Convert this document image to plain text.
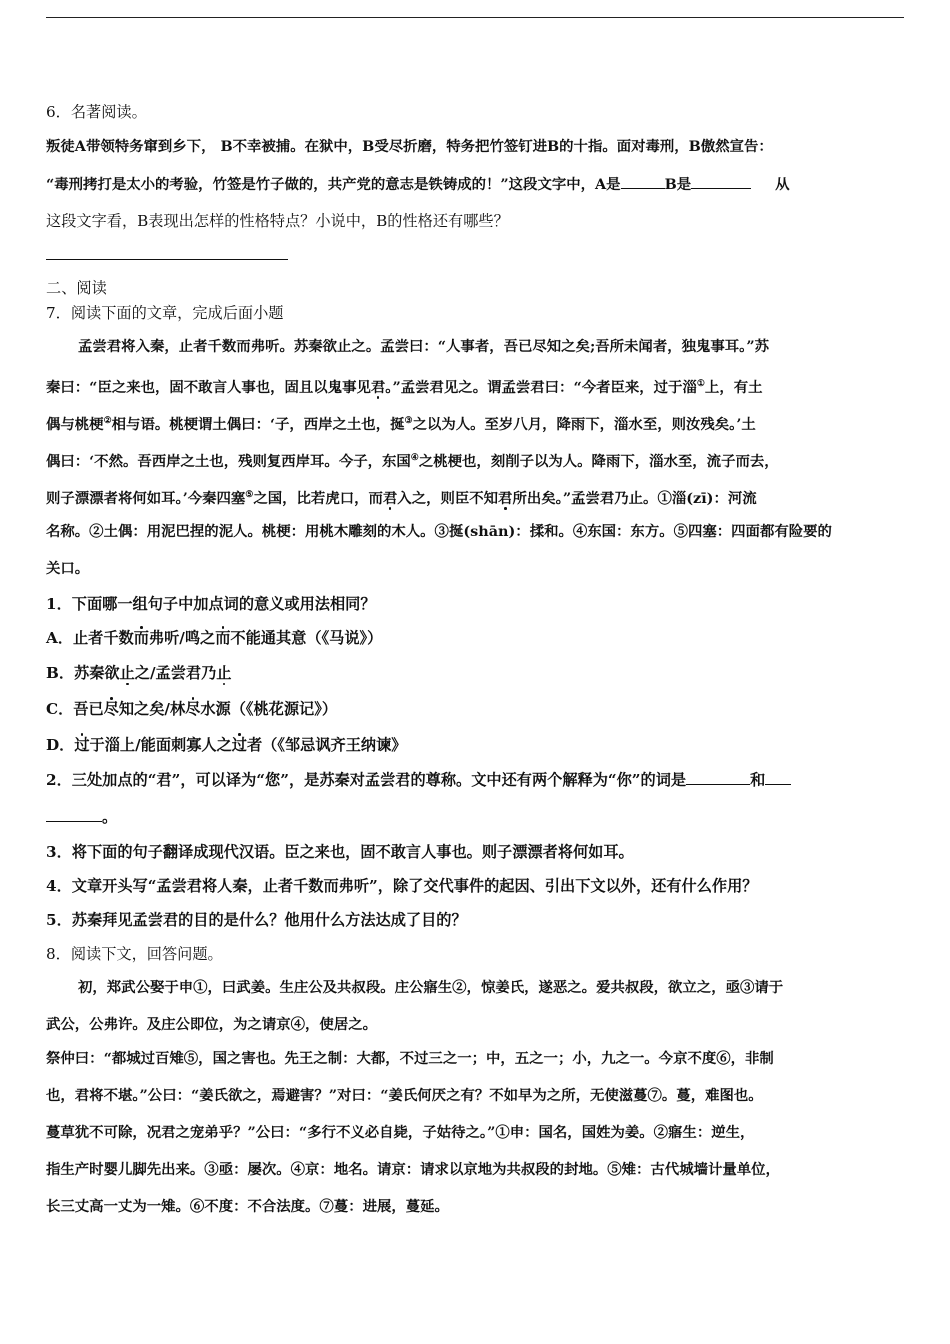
6．名著阅读。
叛徒A带领特务窜到乡下， B不幸被捕。在狱中，B受尽折磨，特务把竹签钉进B的十指。面对毒刑，B傲然宣告：
“毒刑拷打是太小的考验，竹签是竹子做的，共产党的意志是铁铸成的！”这段文字中，A是	B是	从
这段文字看，B表现出怎样的性格特点？小说中，B的性格还有哪些？
二、阅读
7．阅读下面的文章，完成后面小题
孟尝君将入秦，止者千数而弗听。苏秦欲止之。孟尝曰：“人事者，吾已尽知之矣;吾所未闻者，独鬼事耳。”苏
秦曰：“臣之来也，固不敢言人事也，固且以鬼事见君。”孟尝君见之。谓孟尝君曰：“今者臣来，过于淄①上，有土
偶与桃梗②相与语。桃梗谓土偶曰：‘子，西岸之土也，挻③之以为人。至岁八月，降雨下，淄水至，则汝残矣。’土
偶曰：‘不然。吾西岸之土也，残则复西岸耳。今子，东国④之桃梗也，刻削子以为人。降雨下，淄水至，流子而去，
则子漂漂者将何如耳。’今秦四塞⑤之国，比若虎口，而君入之，则臣不知君所出矣。”孟尝君乃止。①淄(zī)：河流
名称。②土偶：用泥巴捏的泥人。桃梗：用桃木雕刻的木人。③挻(shān)：揉和。④东国：东方。⑤四塞：四面都有险要的
关口。
1．下面哪一组句子中加点词的意义或用法相同？
A．止者千数而弗听/鸣之而不能通其意（《马说》）
B．苏秦欲止之/孟尝君乃止
C．吾已尽知之矣/林尽水源（《桃花源记》）
D．过于淄上/能面刺寡人之过者（《邹忌讽齐王纳谏》
2．三处加点的“君”，可以译为“您”，是苏秦对孟尝君的尊称。文中还有两个解释为“你”的词是	和
。
3．将下面的句子翻译成现代汉语。臣之来也，固不敢言人事也。则子漂漂者将何如耳。
4．文章开头写“孟尝君将人秦，止者千数而弗听”，除了交代事件的起因、引出下文以外，还有什么作用？
5．苏秦拜见孟尝君的目的是什么？他用什么方法达成了目的？
8．阅读下文，回答问题。
初，郑武公娶于申①，曰武姜。生庄公及共叔段。庄公寤生②，惊姜氏，遂恶之。爱共叔段，欲立之，亟③请于
武公，公弗许。及庄公即位，为之请京④，使居之。
祭仲曰：“都城过百雉⑤，国之害也。先王之制：大都，不过三之一；中，五之一；小，九之一。今京不度⑥，非制
也，君将不堪。”公曰：“姜氏欲之，焉避害？”对曰：“姜氏何厌之有？不如早为之所，无使滋蔓⑦。蔓，难图也。
蔓草犹不可除，况君之宠弟乎？”公曰：“多行不义必自毙，子姑待之。”①申：国名，国姓为姜。②寤生：逆生，
指生产时婴儿脚先出来。③亟：屡次。④京：地名。请京：请求以京地为共叔段的封地。⑤雉：古代城墙计量单位，
长三丈高一丈为一雉。⑥不度：不合法度。⑦蔓：进展，蔓延。
